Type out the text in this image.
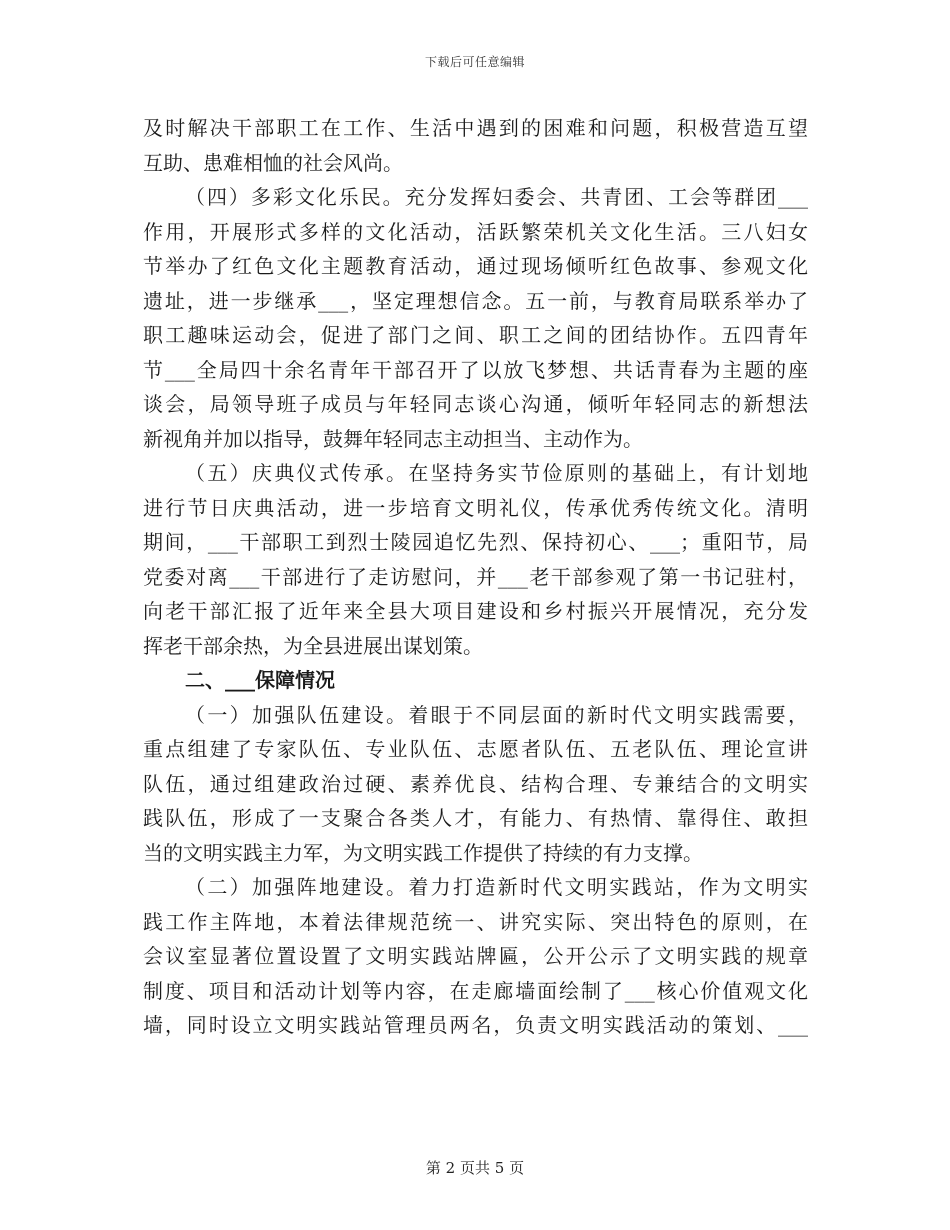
下载后可任意编辑
及时解决干部职工在工作、生活中遇到的困难和问题，积极营造互望
互助、患难相恤的社会风尚。
（四）多彩文化乐民。充分发挥妇委会、共青团、工会等群团___
作用，开展形式多样的文化活动，活跃繁荣机关文化生活。三八妇女
节举办了红色文化主题教育活动，通过现场倾听红色故事、参观文化
遗址，进一步继承___，坚定理想信念。五一前，与教育局联系举办了
职工趣味运动会，促进了部门之间、职工之间的团结协作。五四青年
节___全局四十余名青年干部召开了以放飞梦想、共话青春为主题的座
谈会，局领导班子成员与年轻同志谈心沟通，倾听年轻同志的新想法
新视角并加以指导，鼓舞年轻同志主动担当、主动作为。
（五）庆典仪式传承。在坚持务实节俭原则的基础上，有计划地
进行节日庆典活动，进一步培育文明礼仪，传承优秀传统文化。清明
期间，___干部职工到烈士陵园追忆先烈、保持初心、___；重阳节，局
党委对离___干部进行了走访慰问，并___老干部参观了第一书记驻村，
向老干部汇报了近年来全县大项目建设和乡村振兴开展情况，充分发
挥老干部余热，为全县进展出谋划策。
二、___保障情况
（一）加强队伍建设。着眼于不同层面的新时代文明实践需要，
重点组建了专家队伍、专业队伍、志愿者队伍、五老队伍、理论宣讲
队伍，通过组建政治过硬、素养优良、结构合理、专兼结合的文明实
践队伍，形成了一支聚合各类人才，有能力、有热情、靠得住、敢担
当的文明实践主力军，为文明实践工作提供了持续的有力支撑。
（二）加强阵地建设。着力打造新时代文明实践站，作为文明实
践工作主阵地，本着法律规范统一、讲究实际、突出特色的原则，在
会议室显著位置设置了文明实践站牌匾，公开公示了文明实践的规章
制度、项目和活动计划等内容，在走廊墙面绘制了___核心价值观文化
墙，同时设立文明实践站管理员两名，负责文明实践活动的策划、___
第 2 页共 5 页
